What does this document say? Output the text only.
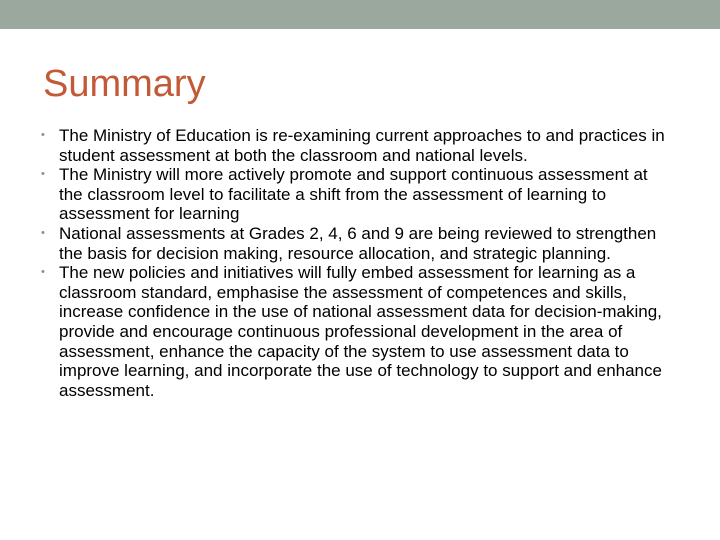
Summary
• The Ministry of Education is re-examining current approaches to and practices in student assessment at both the classroom and national levels.
• The Ministry will more actively promote and support continuous assessment at the classroom level to facilitate a shift from the assessment of learning to assessment for learning
• National assessments at Grades 2, 4, 6 and 9 are being reviewed to strengthen the basis for decision making, resource allocation, and strategic planning.
• The new policies and initiatives will fully embed assessment for learning as a classroom standard, emphasise the assessment of competences and skills, increase confidence in the use of national assessment data for decision-making, provide and encourage continuous professional development in the area of assessment, enhance the capacity of the system to use assessment data to improve learning, and incorporate the use of technology to support and enhance assessment.
